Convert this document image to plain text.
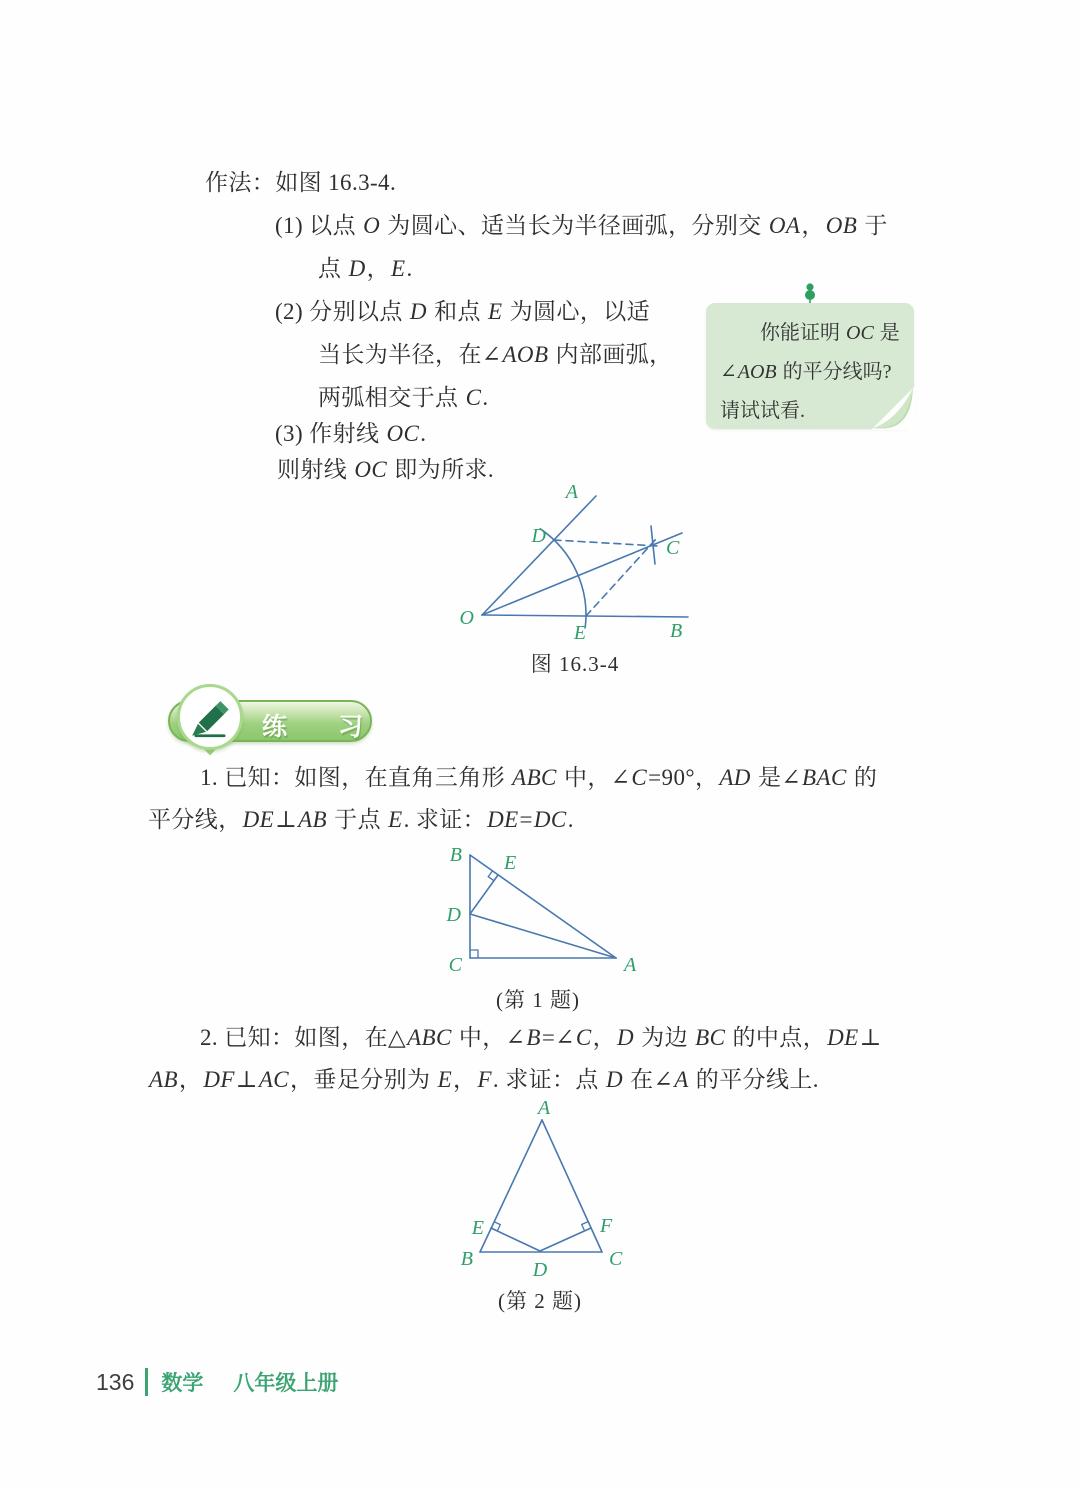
作法：如图 16.3-4.
(1) 以点 O 为圆心、适当长为半径画弧，分别交 OA，OB 于
点 D，E.
(2) 分别以点 D 和点 E 为圆心，以适
当长为半径，在∠AOB 内部画弧，
两弧相交于点 C.
(3) 作射线 OC.
则射线 OC 即为所求.
你能证明 OC 是
∠AOB 的平分线吗?
请试试看.
A
B
C
D
E
O
图 16.3-4
练 习
1. 已知：如图，在直角三角形 ABC 中，∠C=90°，AD 是∠BAC 的
平分线，DE⊥AB 于点 E. 求证：DE=DC.
B E
D
C	A
(第 1 题)
2. 已知：如图，在△ABC 中，∠B=∠C，D 为边 BC 的中点，DE⊥
AB，DF⊥AC，垂足分别为 E，F. 求证：点 D 在∠A 的平分线上.
A
E	F
B	C
D
(第 2 题)
136 数学 八年级上册
